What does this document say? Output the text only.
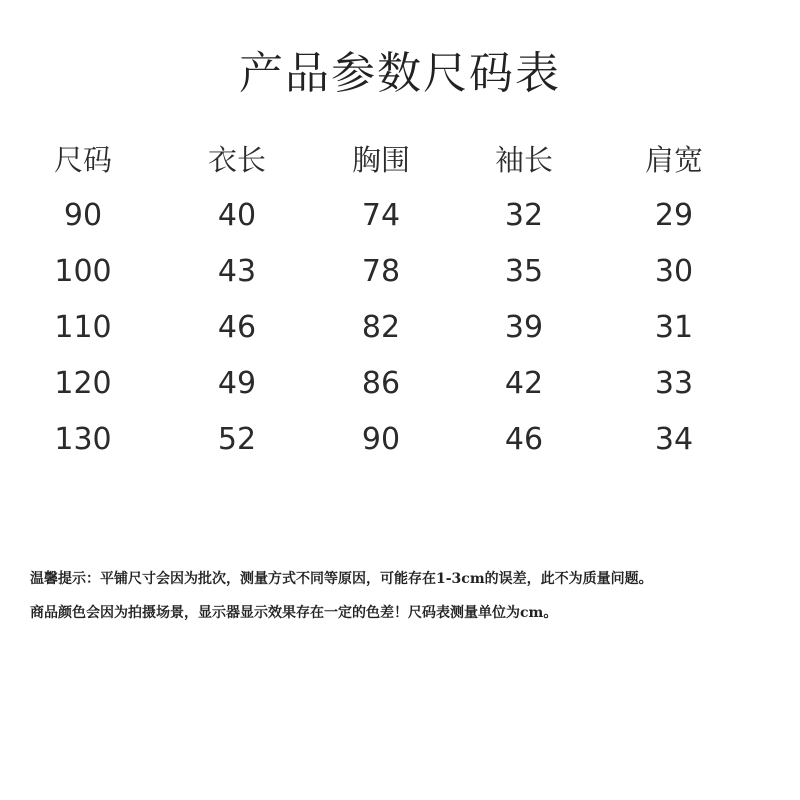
产品参数尺码表
尺码	衣长	胸围	袖长	肩宽
90	40	74	32	29
100	43	78	35	30
110	46	82	39	31
120	49	86	42	33
130	52	90	46	34
温馨提示：平铺尺寸会因为批次，测量方式不同等原因，可能存在1-3cm的误差，此不为质量问题。
商品颜色会因为拍摄场景，显示器显示效果存在一定的色差！尺码表测量单位为cm。
